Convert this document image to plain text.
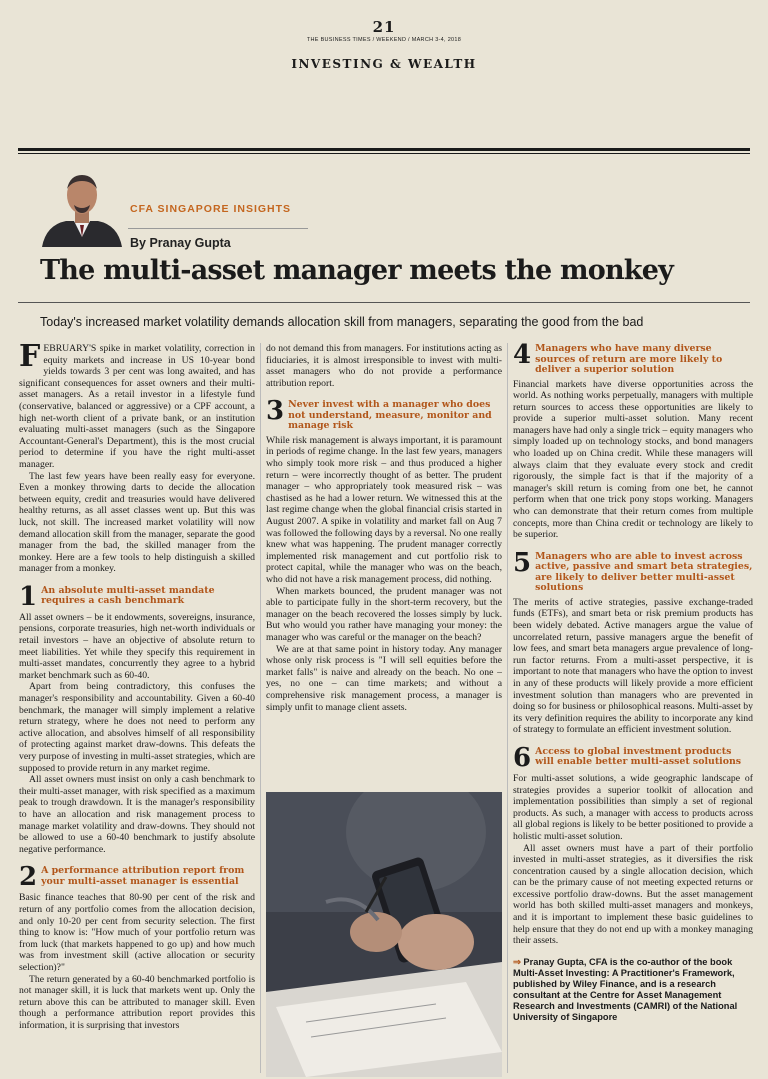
21
THE BUSINESS TIMES / WEEKEND / MARCH 3-4, 2018
INVESTING & WEALTH
CFA SINGAPORE INSIGHTS
By Pranay Gupta
The multi-asset manager meets the monkey
Today's increased market volatility demands allocation skill from managers, separating the good from the bad

FEBRUARY'S spike in market volatility, correction in equity markets and increase in US 10-year bond yields towards 3 per cent was long awaited, and has significant consequences for asset owners and their multi-asset managers. As a retail investor in a lifestyle fund (conservative, balanced or aggressive) or a CPF account, a high net-worth client of a private bank, or an institution evaluating multi-asset managers (such as the Singapore Accountant-General's Department), this is the most crucial period to determine if you have the right multi-asset manager.

The last few years have been really easy for everyone. Even a monkey throwing darts to decide the allocation between equity, credit and treasuries would have delivered healthy returns, as all asset classes went up. But this was luck, not skill. The increased market volatility will now demand allocation skill from the manager, separate the good manager from the bad, the skilled manager from the monkey. Here are a few tools to help distinguish a skilled manager from a monkey.

1 An absolute multi-asset mandate requires a cash benchmark

All asset owners – be it endowments, sovereigns, insurance, pensions, corporate treasuries, high net-worth individuals or retail investors – have an objective of absolute return to meet liabilities. Yet while they specify this requirement in multi-asset mandates, concurrently they agree to a hybrid market benchmark such as 60-40.

Apart from being contradictory, this confuses the manager's responsibility and accountability. Given a 60-40 benchmark, the manager will simply implement a relative return strategy, where he does not need to perform any active allocation, and absolves himself of all responsibility of protecting against market draw-downs. This defeats the very purpose of investing in multi-asset strategies, which are supposed to provide return in any market regime.

All asset owners must insist on only a cash benchmark to their multi-asset manager, with risk specified as a maximum peak to trough drawdown. It is the manager's responsibility to have an allocation and risk management process to manage market volatility and draw-downs. They should not be allowed to use a 60-40 benchmark to justify absolute negative performance.

2 A performance attribution report from your multi-asset manager is essential

Basic finance teaches that 80-90 per cent of the risk and return of any portfolio comes from the allocation decision, and only 10-20 per cent from security selection. The first thing to know is: "How much of your portfolio return was from luck (that markets happened to go up) and how much was from investment skill (active allocation or security selection)?"

The return generated by a 60-40 benchmarked portfolio is not manager skill, it is luck that markets went up. Only the return above this can be attributed to manager skill. Even though a performance attribution report provides this information, it is surprising that investors

do not demand this from managers. For institutions acting as fiduciaries, it is almost irresponsible to invest with multi-asset managers who do not provide a performance attribution report.

3 Never invest with a manager who does not understand, measure, monitor and manage risk

While risk management is always important, it is paramount in periods of regime change. In the last few years, managers who simply took more risk – and thus produced a higher return – were incorrectly thought of as better. The prudent manager – who appropriately took measured risk – was chastised as he had a lower return. We witnessed this at the last regime change when the global financial crisis started in August 2007. A spike in volatility and market fall on Aug 7 was followed the following days by a reversal. No one really knew what was happening. The prudent manager correctly implemented risk management and cut portfolio risk to protect capital, while the manager who was on the beach, who did not have a risk management process, did nothing.

When markets bounced, the prudent manager was not able to participate fully in the short-term recovery, but the manager on the beach recovered the losses simply by luck. But who would you rather have managing your money: the manager who was careful or the manager on the beach?

We are at that same point in history today. Any manager whose only risk process is "I will sell equities before the market falls" is naive and already on the beach. No one – yes, no one – can time markets; and without a comprehensive risk management process, a manager is simply unfit to manage client assets.

4 Managers who have many diverse sources of return are more likely to deliver a superior solution

Financial markets have diverse opportunities across the world. As nothing works perpetually, managers with multiple return sources to access these opportunities are likely to provide a superior multi-asset solution. Many recent managers have had only a single trick – equity managers who simply loaded up on technology stocks, and bond managers who loaded up on China credit. While these managers will always claim that they evaluate every stock and credit rigorously, the simple fact is that if the majority of a manager's skill return is coming from one bet, he cannot perform when that one trick pony stops working. Managers who can demonstrate that their return comes from multiple concepts, more than China credit or technology are likely to be superior.

5 Managers who are able to invest across active, passive and smart beta strategies, are likely to deliver better multi-asset solutions

The merits of active strategies, passive exchange-traded funds (ETFs), and smart beta or risk premium products has been widely debated. Active managers argue the value of uncorrelated return, passive managers argue the benefit of low fees, and smart beta managers argue prevalence of long-run factor returns. From a multi-asset perspective, it is important to note that managers who have the option to invest in any of these products will likely provide a more efficient investment solution than managers who are prevented in doing so for business or philosophical reasons. Multi-asset by its very definition requires the ability to incorporate any kind of strategy to formulate an efficient investment solution.

6 Access to global investment products will enable better multi-asset solutions

For multi-asset solutions, a wide geographic landscape of strategies provides a superior toolkit of allocation and implementation possibilities than simply a set of regional products. As such, a manager with access to products across all global regions is likely to be better positioned to provide a holistic multi-asset solution.

All asset owners must have a part of their portfolio invested in multi-asset strategies, as it diversifies the risk concentration caused by a single allocation decision, which can be the primary cause of not meeting expected returns or excessive portfolio draw-downs. But the asset management world has both skilled multi-asset managers and monkeys, and it is important to implement these basic guidelines to help ensure that they do not end up with a monkey managing their assets.

⇒ Pranay Gupta, CFA is the co-author of the book Multi-Asset Investing: A Practitioner's Framework, published by Wiley Finance, and is a research consultant at the Centre for Asset Management Research and Investments (CAMRI) of the National University of Singapore
